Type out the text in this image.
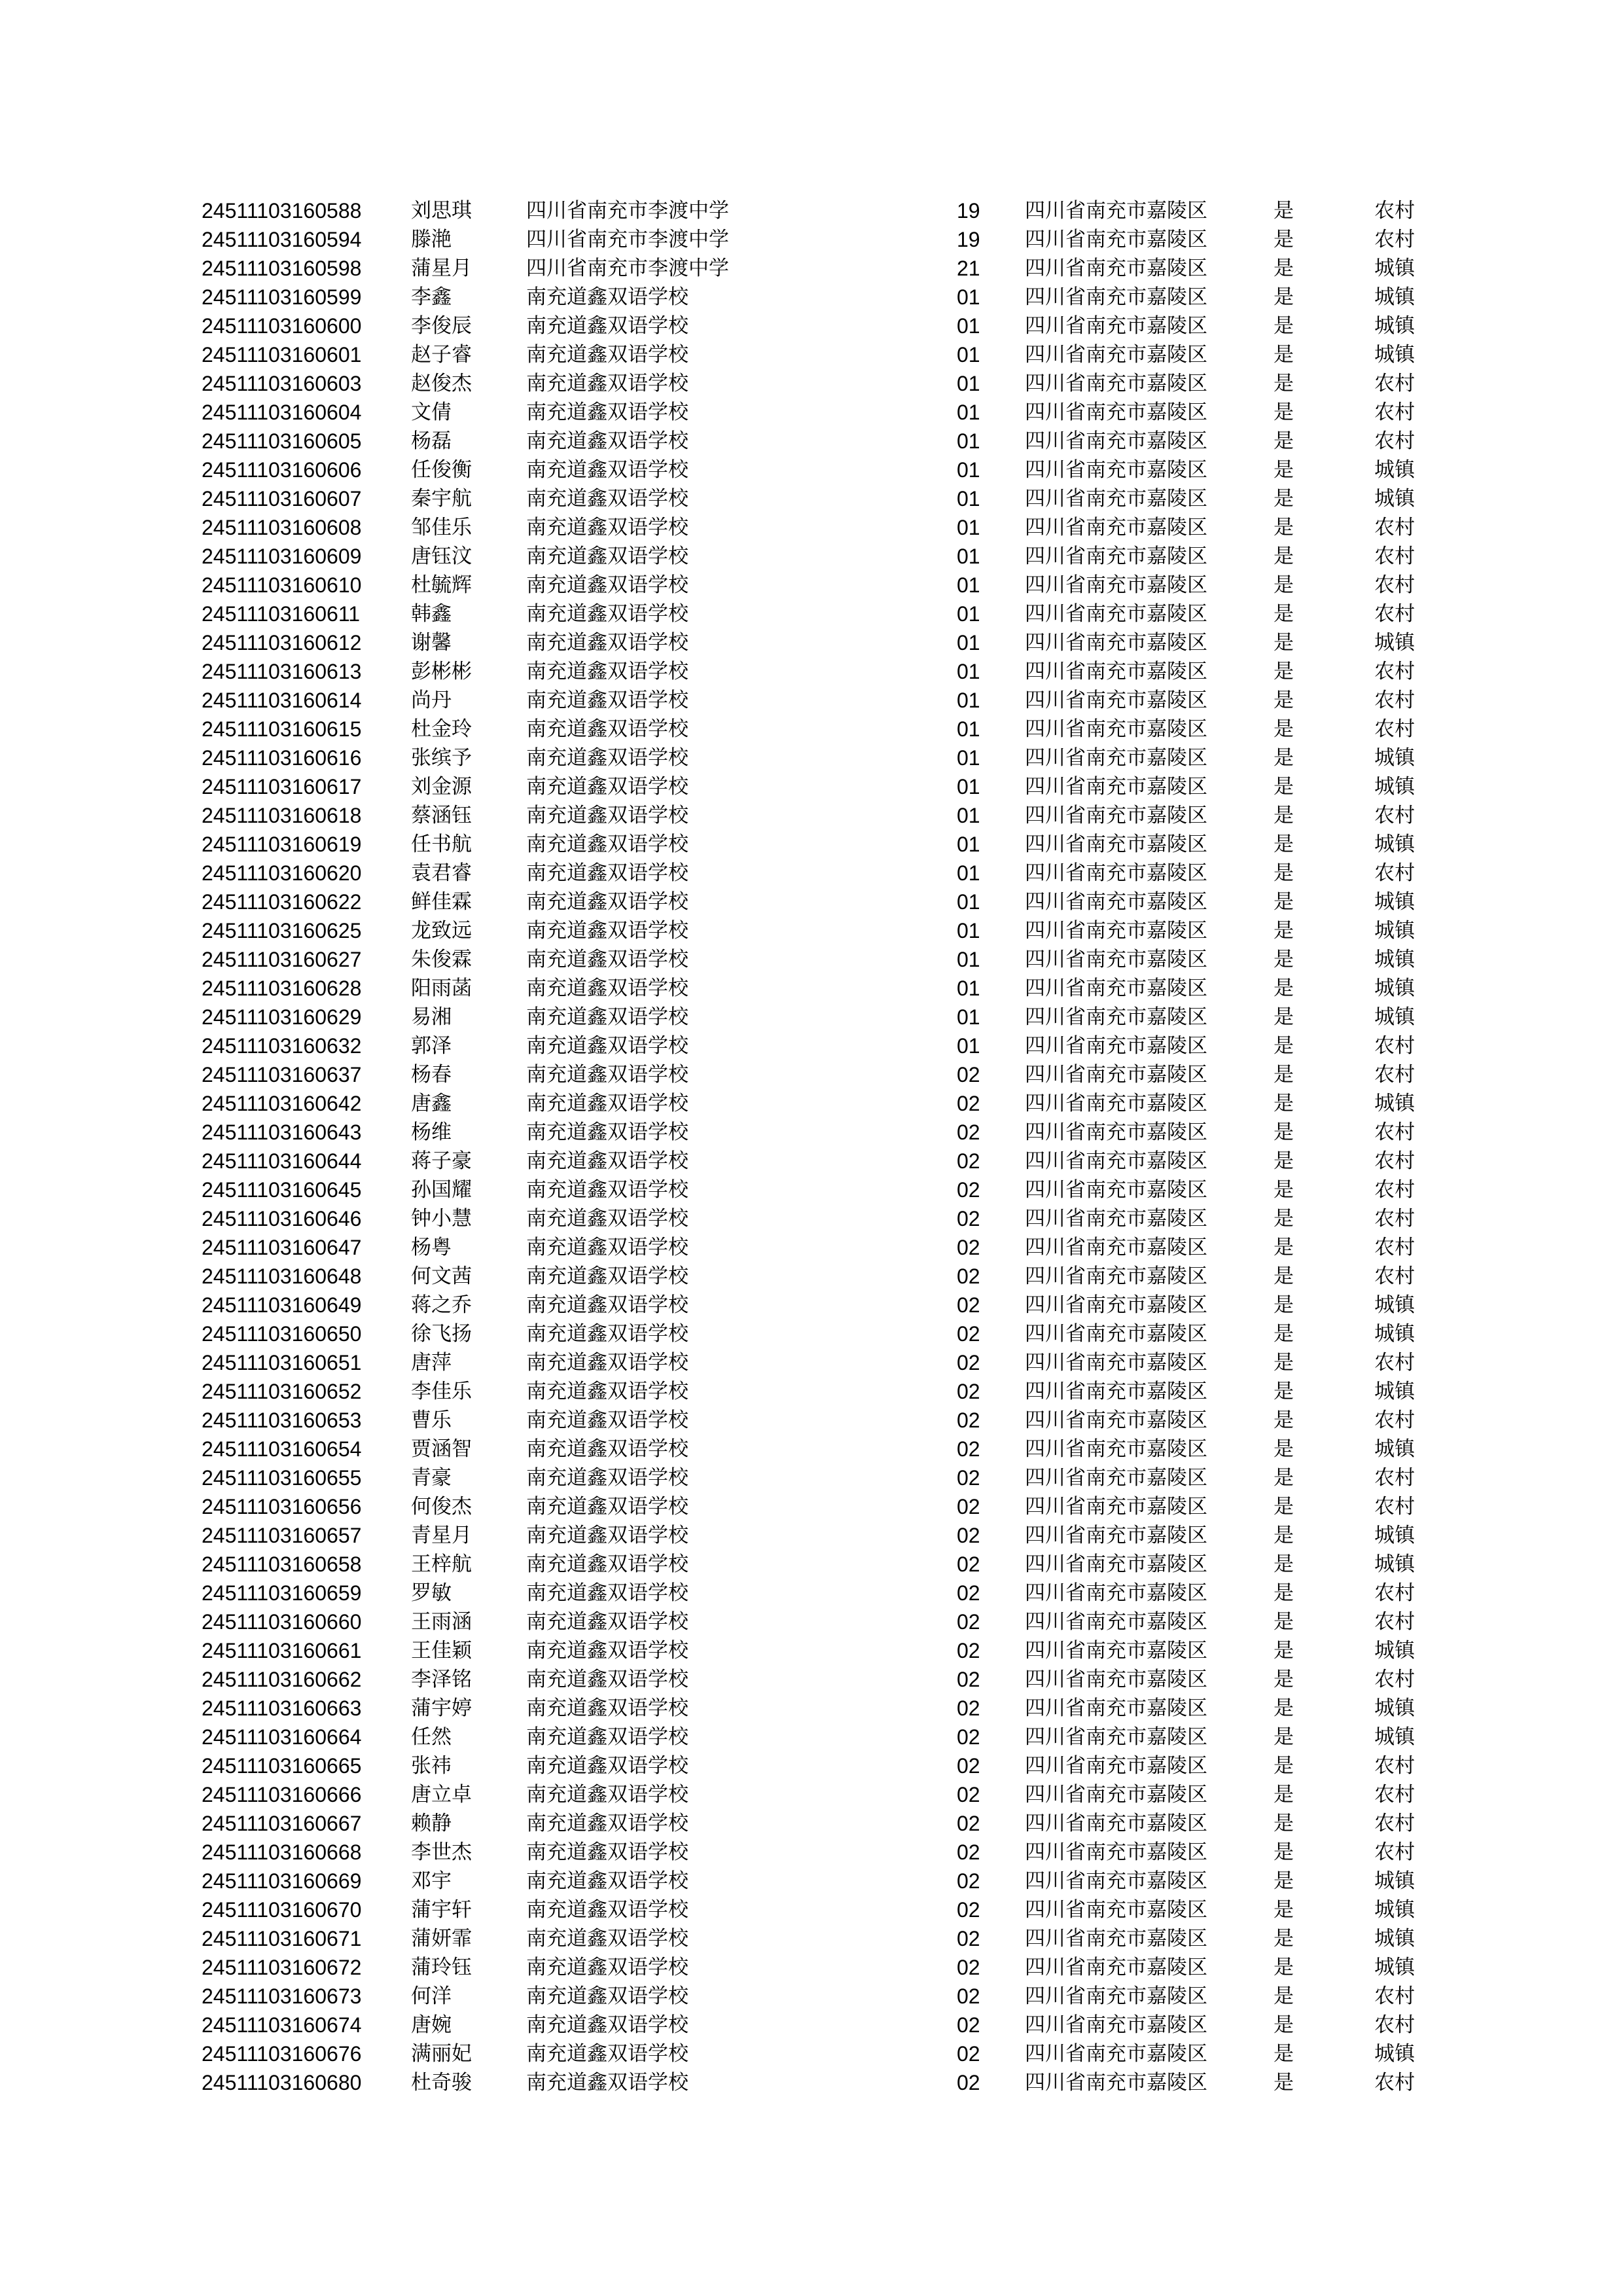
24511103160588 刘思琪	四川省南充市李渡中学	19 四川省南充市嘉陵区	是	农村
24511103160594 滕滟	四川省南充市李渡中学	19 四川省南充市嘉陵区	是	农村
24511103160598 蒲星月	四川省南充市李渡中学	21 四川省南充市嘉陵区	是	城镇
24511103160599 李鑫	南充道鑫双语学校	01 四川省南充市嘉陵区	是	城镇
24511103160600 李俊辰	南充道鑫双语学校	01 四川省南充市嘉陵区	是	城镇
24511103160601 赵子睿	南充道鑫双语学校	01 四川省南充市嘉陵区	是	城镇
24511103160603 赵俊杰	南充道鑫双语学校	01 四川省南充市嘉陵区	是	农村
24511103160604 文倩	南充道鑫双语学校	01 四川省南充市嘉陵区	是	农村
24511103160605 杨磊	南充道鑫双语学校	01 四川省南充市嘉陵区	是	农村
24511103160606 任俊衡	南充道鑫双语学校	01 四川省南充市嘉陵区	是	城镇
24511103160607 秦宇航	南充道鑫双语学校	01 四川省南充市嘉陵区	是	城镇
24511103160608 邹佳乐	南充道鑫双语学校	01 四川省南充市嘉陵区	是	农村
24511103160609 唐钰汶	南充道鑫双语学校	01 四川省南充市嘉陵区	是	农村
24511103160610 杜毓辉	南充道鑫双语学校	01 四川省南充市嘉陵区	是	农村
24511103160611	韩鑫	南充道鑫双语学校	01 四川省南充市嘉陵区	是	农村
24511103160612 谢馨	南充道鑫双语学校	01 四川省南充市嘉陵区	是	城镇
24511103160613 彭彬彬	南充道鑫双语学校	01 四川省南充市嘉陵区	是	农村
24511103160614 尚丹	南充道鑫双语学校	01 四川省南充市嘉陵区	是	农村
24511103160615 杜金玲	南充道鑫双语学校	01 四川省南充市嘉陵区	是	农村
24511103160616 张缤予	南充道鑫双语学校	01 四川省南充市嘉陵区	是	城镇
24511103160617 刘金源	南充道鑫双语学校	01 四川省南充市嘉陵区	是	城镇
24511103160618 蔡涵钰	南充道鑫双语学校	01 四川省南充市嘉陵区	是	农村
24511103160619 任书航	南充道鑫双语学校	01 四川省南充市嘉陵区	是	城镇
24511103160620 袁君睿	南充道鑫双语学校	01 四川省南充市嘉陵区	是	农村
24511103160622 鲜佳霖	南充道鑫双语学校	01 四川省南充市嘉陵区	是	城镇
24511103160625 龙致远	南充道鑫双语学校	01 四川省南充市嘉陵区	是	城镇
24511103160627 朱俊霖	南充道鑫双语学校	01 四川省南充市嘉陵区	是	城镇
24511103160628 阳雨菡	南充道鑫双语学校	01 四川省南充市嘉陵区	是	城镇
24511103160629 易湘	南充道鑫双语学校	01 四川省南充市嘉陵区	是	城镇
24511103160632 郭泽	南充道鑫双语学校	01 四川省南充市嘉陵区	是	农村
24511103160637 杨春	南充道鑫双语学校	02 四川省南充市嘉陵区	是	农村
24511103160642 唐鑫	南充道鑫双语学校	02 四川省南充市嘉陵区	是	城镇
24511103160643 杨维	南充道鑫双语学校	02 四川省南充市嘉陵区	是	农村
24511103160644 蒋子豪	南充道鑫双语学校	02 四川省南充市嘉陵区	是	农村
24511103160645 孙国耀	南充道鑫双语学校	02 四川省南充市嘉陵区	是	农村
24511103160646 钟小慧	南充道鑫双语学校	02 四川省南充市嘉陵区	是	农村
24511103160647 杨粤	南充道鑫双语学校	02 四川省南充市嘉陵区	是	农村
24511103160648 何文茜	南充道鑫双语学校	02 四川省南充市嘉陵区	是	农村
24511103160649 蒋之乔	南充道鑫双语学校	02 四川省南充市嘉陵区	是	城镇
24511103160650 徐飞扬	南充道鑫双语学校	02 四川省南充市嘉陵区	是	城镇
24511103160651 唐萍	南充道鑫双语学校	02 四川省南充市嘉陵区	是	农村
24511103160652 李佳乐	南充道鑫双语学校	02 四川省南充市嘉陵区	是	城镇
24511103160653 曹乐	南充道鑫双语学校	02 四川省南充市嘉陵区	是	农村
24511103160654 贾涵智	南充道鑫双语学校	02 四川省南充市嘉陵区	是	城镇
24511103160655 青豪	南充道鑫双语学校	02 四川省南充市嘉陵区	是	农村
24511103160656 何俊杰	南充道鑫双语学校	02 四川省南充市嘉陵区	是	农村
24511103160657 青星月	南充道鑫双语学校	02 四川省南充市嘉陵区	是	城镇
24511103160658 王梓航	南充道鑫双语学校	02 四川省南充市嘉陵区	是	城镇
24511103160659 罗敏	南充道鑫双语学校	02 四川省南充市嘉陵区	是	农村
24511103160660 王雨涵	南充道鑫双语学校	02 四川省南充市嘉陵区	是	农村
24511103160661 王佳颖	南充道鑫双语学校	02 四川省南充市嘉陵区	是	城镇
24511103160662 李泽铭	南充道鑫双语学校	02 四川省南充市嘉陵区	是	农村
24511103160663 蒲宇婷	南充道鑫双语学校	02 四川省南充市嘉陵区	是	城镇
24511103160664 任然	南充道鑫双语学校	02 四川省南充市嘉陵区	是	城镇
24511103160665 张祎	南充道鑫双语学校	02 四川省南充市嘉陵区	是	农村
24511103160666 唐立卓	南充道鑫双语学校	02 四川省南充市嘉陵区	是	农村
24511103160667 赖静	南充道鑫双语学校	02 四川省南充市嘉陵区	是	农村
24511103160668 李世杰	南充道鑫双语学校	02 四川省南充市嘉陵区	是	农村
24511103160669 邓宇	南充道鑫双语学校	02 四川省南充市嘉陵区	是	城镇
24511103160670 蒲宇轩	南充道鑫双语学校	02 四川省南充市嘉陵区	是	城镇
24511103160671 蒲妍霏	南充道鑫双语学校	02 四川省南充市嘉陵区	是	城镇
24511103160672 蒲玲钰	南充道鑫双语学校	02 四川省南充市嘉陵区	是	城镇
24511103160673 何洋	南充道鑫双语学校	02 四川省南充市嘉陵区	是	农村
24511103160674 唐婉	南充道鑫双语学校	02 四川省南充市嘉陵区	是	农村
24511103160676 满丽妃	南充道鑫双语学校	02 四川省南充市嘉陵区	是	城镇
24511103160680 杜奇骏	南充道鑫双语学校	02 四川省南充市嘉陵区	是	农村
